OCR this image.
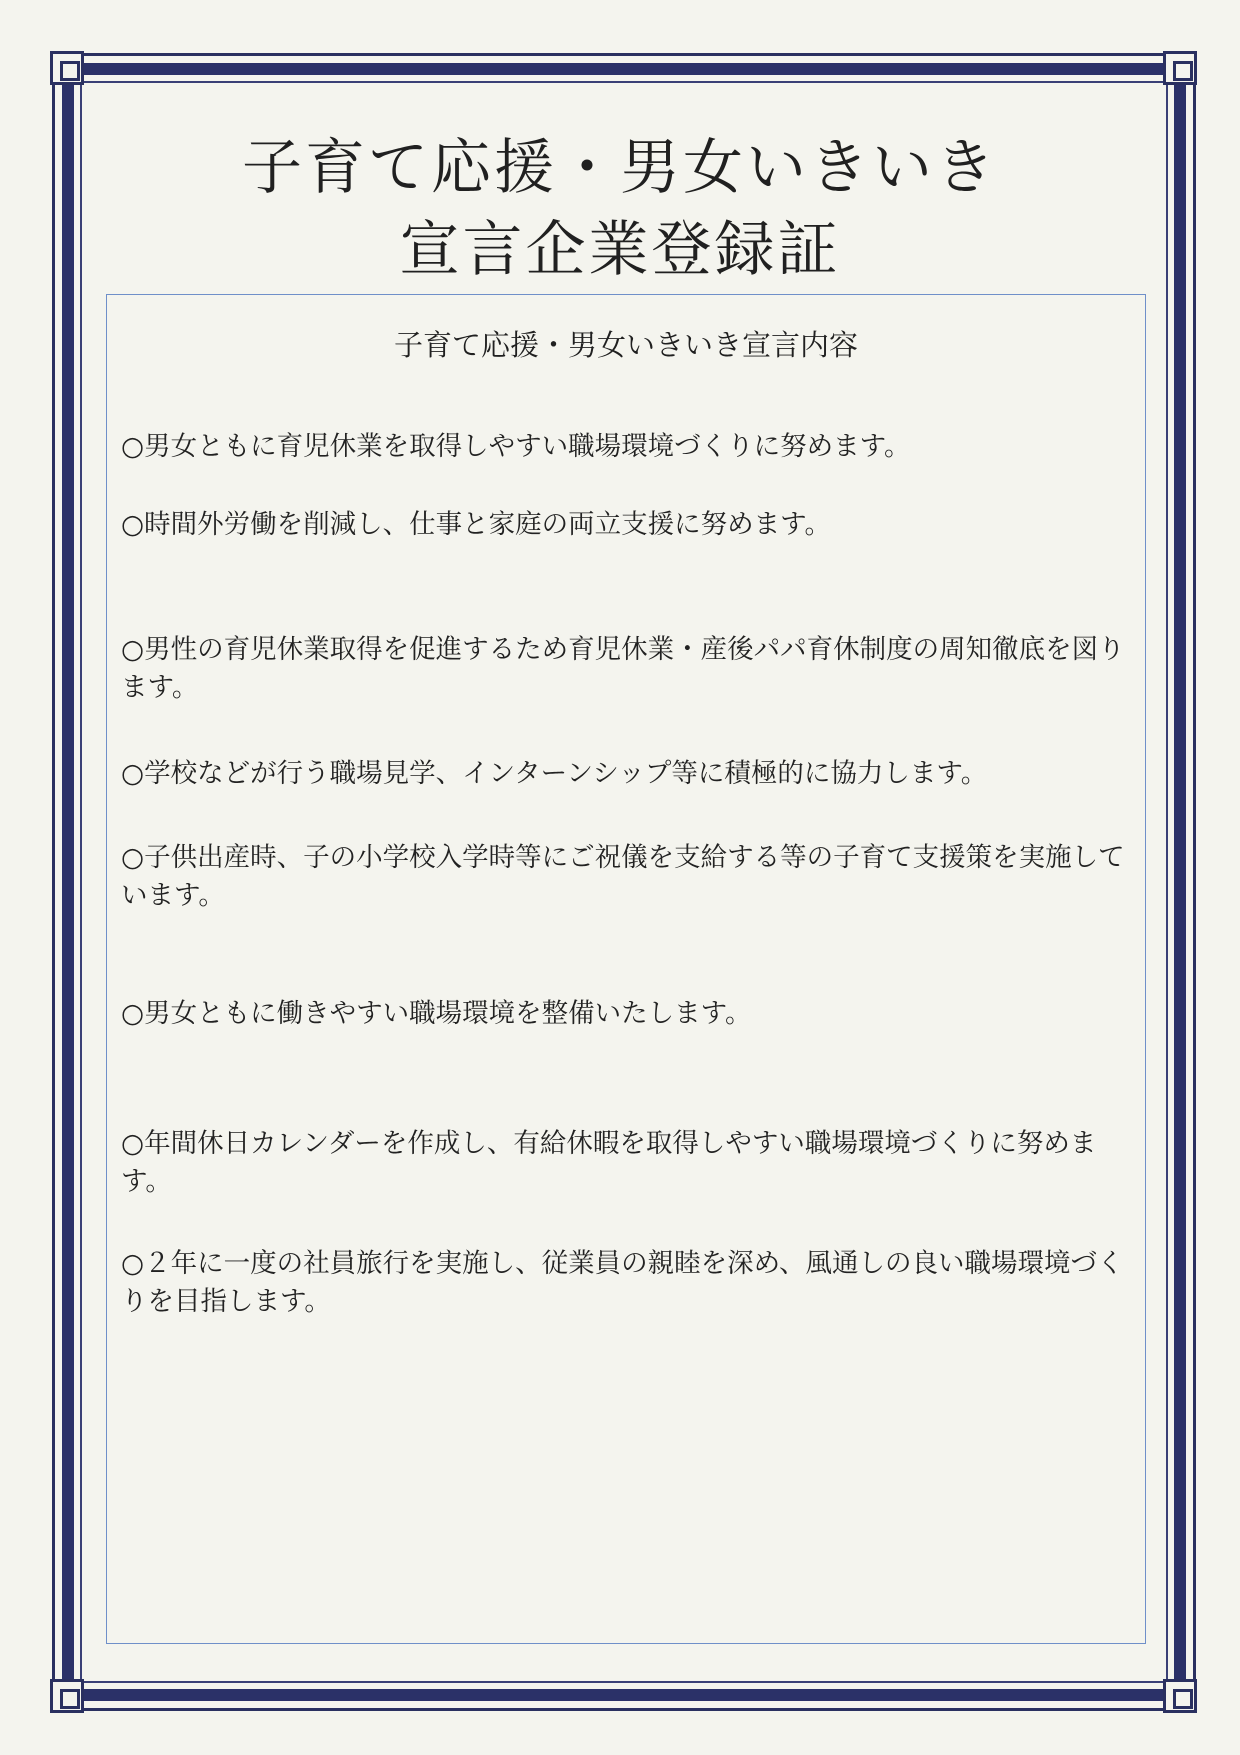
子育て応援・男女いきいき
宣言企業登録証
子育て応援・男女いきいき宣言内容
○男女ともに育児休業を取得しやすい職場環境づくりに努めます。
○時間外労働を削減し、仕事と家庭の両立支援に努めます。
○男性の育児休業取得を促進するため育児休業・産後パパ育休制度の周知徹底を図ります。
○学校などが行う職場見学、インターンシップ等に積極的に協力します。
○子供出産時、子の小学校入学時等にご祝儀を支給する等の子育て支援策を実施しています。
○男女ともに働きやすい職場環境を整備いたします。
○年間休日カレンダーを作成し、有給休暇を取得しやすい職場環境づくりに努めます。
○２年に一度の社員旅行を実施し、従業員の親睦を深め、風通しの良い職場環境づくりを目指します。
